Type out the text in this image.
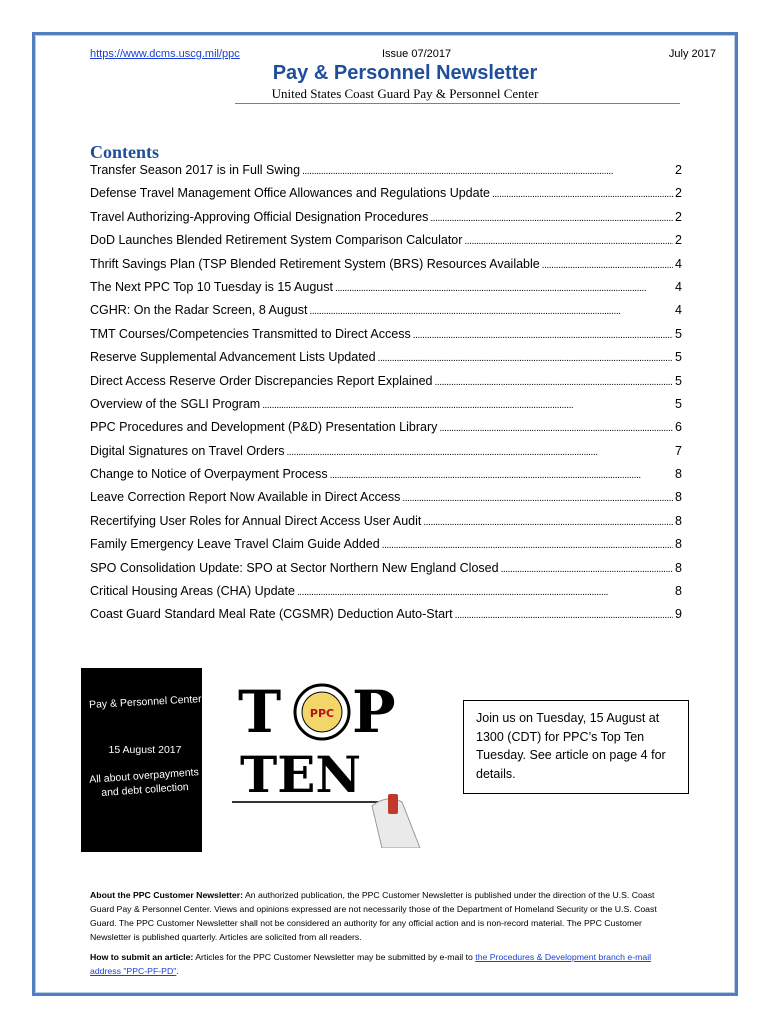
https://www.dcms.uscg.mil/ppc	Issue 07/2017	July 2017
Pay & Personnel Newsletter
United States Coast Guard Pay & Personnel Center
Contents
Transfer Season 2017 is in Full Swing . . .	2
Defense Travel Management Office Allowances and Regulations Update . . .	2
Travel Authorizing-Approving Official Designation Procedures . . .	2
DoD Launches Blended Retirement System Comparison Calculator . . .	2
Thrift Savings Plan (TSP Blended Retirement System (BRS) Resources Available . . .	4
The Next PPC Top 10 Tuesday is 15 August . . .	4
CGHR: On the Radar Screen, 8 August . . .	4
TMT Courses/Competencies Transmitted to Direct Access . . .	5
Reserve Supplemental Advancement Lists Updated . . .	5
Direct Access Reserve Order Discrepancies Report Explained . . .	5
Overview of the SGLI Program . . .	5
PPC Procedures and Development (P&D) Presentation Library . . .	6
Digital Signatures on Travel Orders . . .	7
Change to Notice of Overpayment Process . . .	8
Leave Correction Report Now Available in Direct Access . . .	8
Recertifying User Roles for Annual Direct Access User Audit . . .	8
Family Emergency Leave Travel Claim Guide Added . . .	8
SPO Consolidation Update: SPO at Sector Northern New England Closed . . .	8
Critical Housing Areas (CHA) Update . . .	8
Coast Guard Standard Meal Rate (CGSMR) Deduction Auto-Start . . .	9
Pay & Personnel Center
15 August 2017
All about overpayments
and debt collection
T	PPC P
TEN
Join us on Tuesday, 15 August at 1300 (CDT) for PPC’s Top Ten Tuesday. See article on page 4 for details.
About the PPC Customer Newsletter: An authorized publication, the PPC Customer Newsletter is published under the direction of the U.S. Coast Guard Pay & Personnel Center. Views and opinions expressed are not necessarily those of the Department of Homeland Security or the U.S. Coast Guard. The PPC Customer Newsletter shall not be considered an authority for any official action and is non-record material. The PPC Customer Newsletter is published quarterly. Articles are solicited from all readers.
How to submit an article: Articles for the PPC Customer Newsletter may be submitted by e-mail to the Procedures & Development branch e-mail address "PPC-PF-PD".
